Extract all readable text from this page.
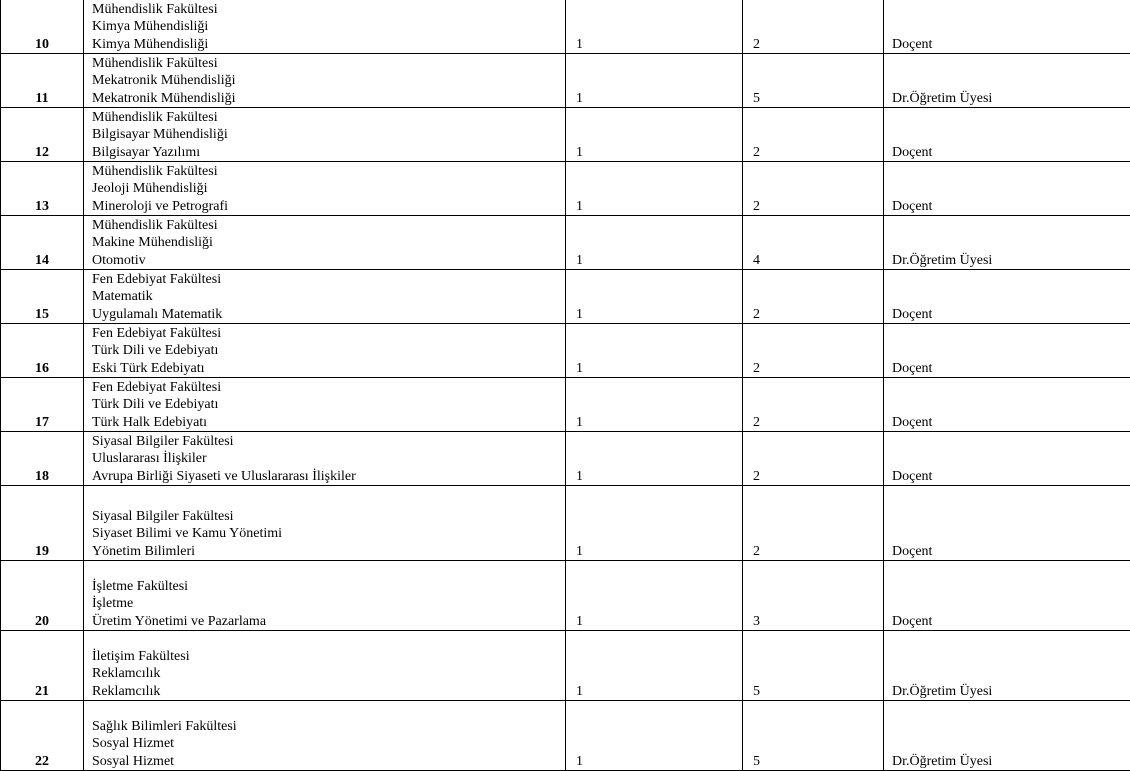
10	Mühendislik Fakültesi
Kimya Mühendisliği
Kimya Mühendisliği	1	2	Doçent
11	Mühendislik Fakültesi
Mekatronik Mühendisliği
Mekatronik Mühendisliği	1	5	Dr.Öğretim Üyesi
12	Mühendislik Fakültesi
Bilgisayar Mühendisliği
Bilgisayar Yazılımı	1	2	Doçent
13	Mühendislik Fakültesi
Jeoloji Mühendisliği
Mineroloji ve Petrografi	1	2	Doçent
14	Mühendislik Fakültesi
Makine Mühendisliği
Otomotiv	1	4	Dr.Öğretim Üyesi
15	Fen Edebiyat Fakültesi
Matematik
Uygulamalı Matematik	1	2	Doçent
16	Fen Edebiyat Fakültesi
Türk Dili ve Edebiyatı
Eski Türk Edebiyatı	1	2	Doçent
17	Fen Edebiyat Fakültesi
Türk Dili ve Edebiyatı
Türk Halk Edebiyatı	1	2	Doçent
18	Siyasal Bilgiler Fakültesi
Uluslararası İlişkiler
Avrupa Birliği Siyaseti ve Uluslararası İlişkiler	1	2	Doçent
19	Siyasal Bilgiler Fakültesi
Siyaset Bilimi ve Kamu Yönetimi
Yönetim Bilimleri	1	2	Doçent
20	İşletme Fakültesi
İşletme
Üretim Yönetimi ve Pazarlama	1	3	Doçent
21	İletişim Fakültesi
Reklamcılık
Reklamcılık	1	5	Dr.Öğretim Üyesi
22	Sağlık Bilimleri Fakültesi
Sosyal Hizmet
Sosyal Hizmet	1	5	Dr.Öğretim Üyesi
